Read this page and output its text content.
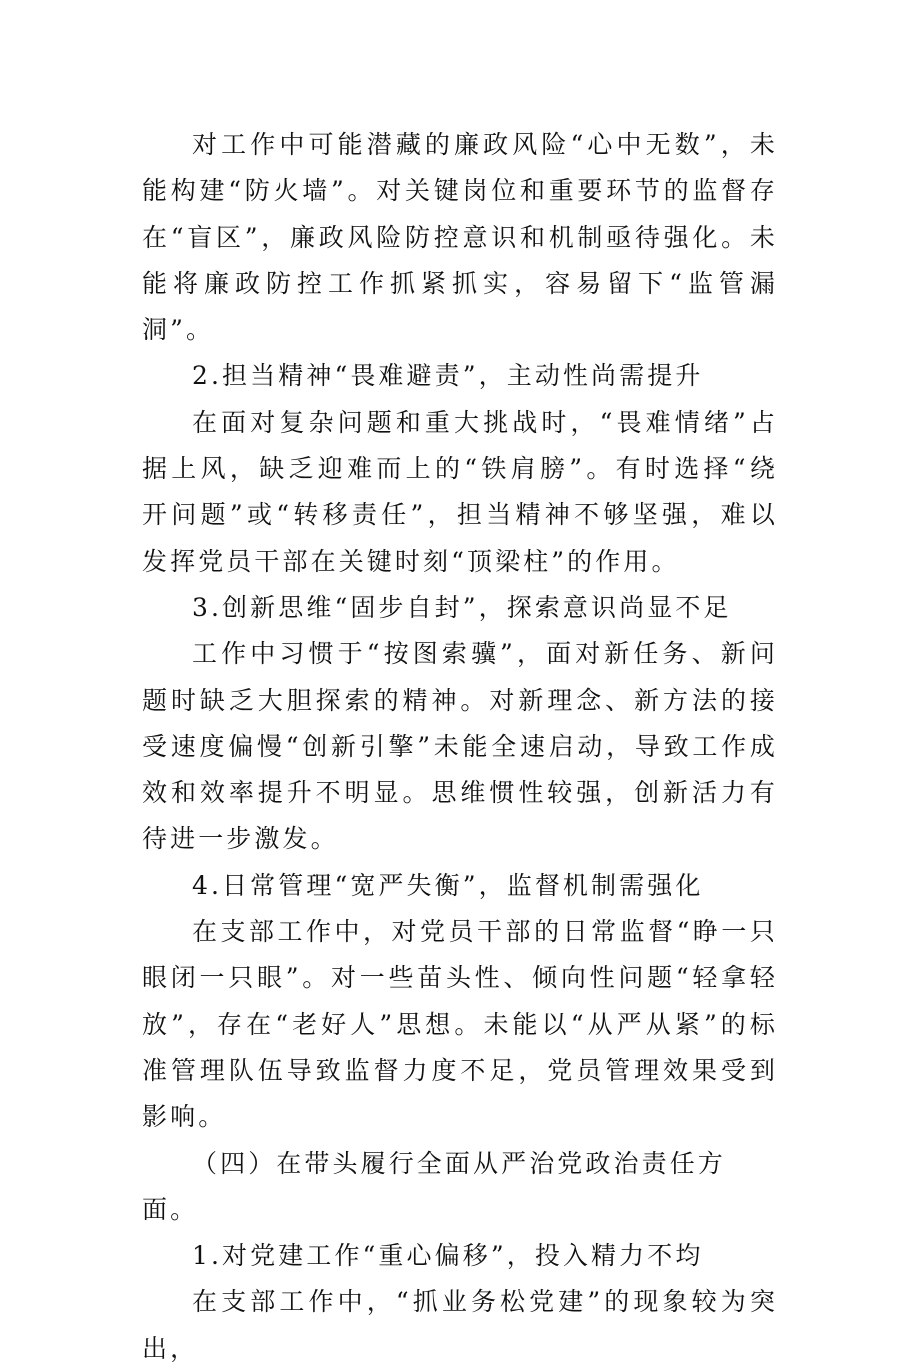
对工作中可能潜藏的廉政风险“心中无数”，未能构建“防火墙”。对关键岗位和重要环节的监督存在“盲区”，廉政风险防控意识和机制亟待强化。未能将廉政防控工作抓紧抓实，容易留下“监管漏洞”。

2.担当精神“畏难避责”，主动性尚需提升

在面对复杂问题和重大挑战时，“畏难情绪”占据上风，缺乏迎难而上的“铁肩膀”。有时选择“绕开问题”或“转移责任”，担当精神不够坚强，难以发挥党员干部在关键时刻“顶梁柱”的作用。

3.创新思维“固步自封”，探索意识尚显不足

工作中习惯于“按图索骥”，面对新任务、新问题时缺乏大胆探索的精神。对新理念、新方法的接受速度偏慢“创新引擎”未能全速启动，导致工作成效和效率提升不明显。思维惯性较强，创新活力有待进一步激发。

4.日常管理“宽严失衡”，监督机制需强化

在支部工作中，对党员干部的日常监督“睁一只眼闭一只眼”。对一些苗头性、倾向性问题“轻拿轻放”，存在“老好人”思想。未能以“从严从紧”的标准管理队伍导致监督力度不足，党员管理效果受到影响。

（四）在带头履行全面从严治党政治责任方面。

1.对党建工作“重心偏移”，投入精力不均

在支部工作中，“抓业务松党建”的现象较为突出，
